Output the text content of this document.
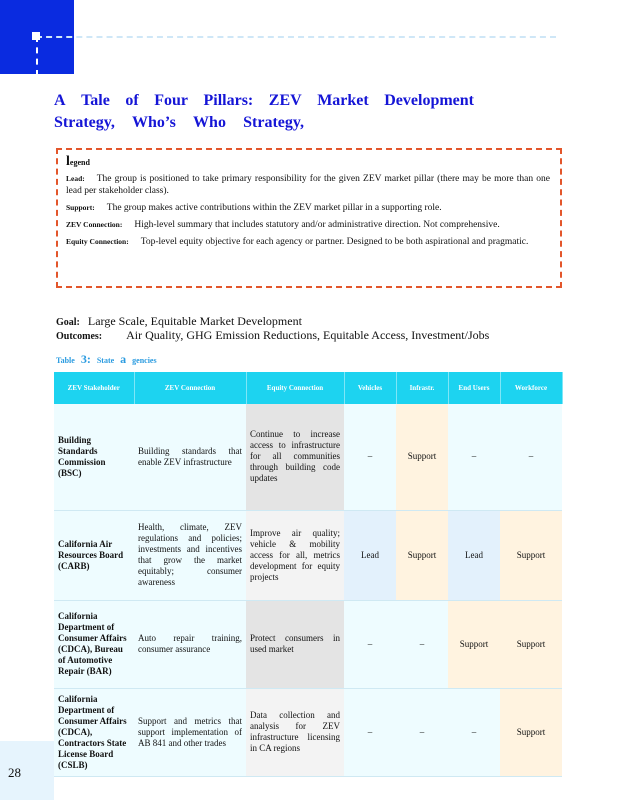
28
A Tale of Four Pillars: ZEV Market Development
Strategy, Who’s Who Strategy,
legend
Lead: The group is positioned to take primary responsibility for the given ZEV market pillar (there may be more than one lead per stakeholder class).
Support: The group makes active contributions within the ZEV market pillar in a supporting role.
ZEV Connection: High-level summary that includes statutory and/or administrative direction. Not comprehensive.
Equity Connection: Top-level equity objective for each agency or partner. Designed to be both aspirational and pragmatic.
Goal: Large Scale, Equitable Market Development
Outcomes: Air Quality, GHG Emission Reductions, Equitable Access, Investment/Jobs
Table 3: State a gencies
ZEV Stakeholder	ZEV Connection	Equity Connection	Vehicles	Infrastr.	End Users	Workforce
Building Standards Commission (BSC)	Building standards that enable ZEV infrastructure	Continue to increase access to infrastructure for all communities through building code updates	–	Support	–	–
California Air Resources Board (CARB)	Health, climate, ZEV regulations and policies; investments and incentives that grow the market equitably; consumer awareness	Improve air quality; vehicle & mobility access for all, metrics development for equity projects	Lead	Support	Lead	Support
California Department of Consumer Affairs (CDCA), Bureau of Automotive Repair (BAR)	Auto repair training, consumer assurance	Protect consumers in used market	–	–	Support	Support
California Department of Consumer Affairs (CDCA), Contractors State License Board (CSLB)	Support and metrics that support implementation of AB 841 and other trades	Data collection and analysis for ZEV infrastructure licensing in CA regions	–	–	–	Support
